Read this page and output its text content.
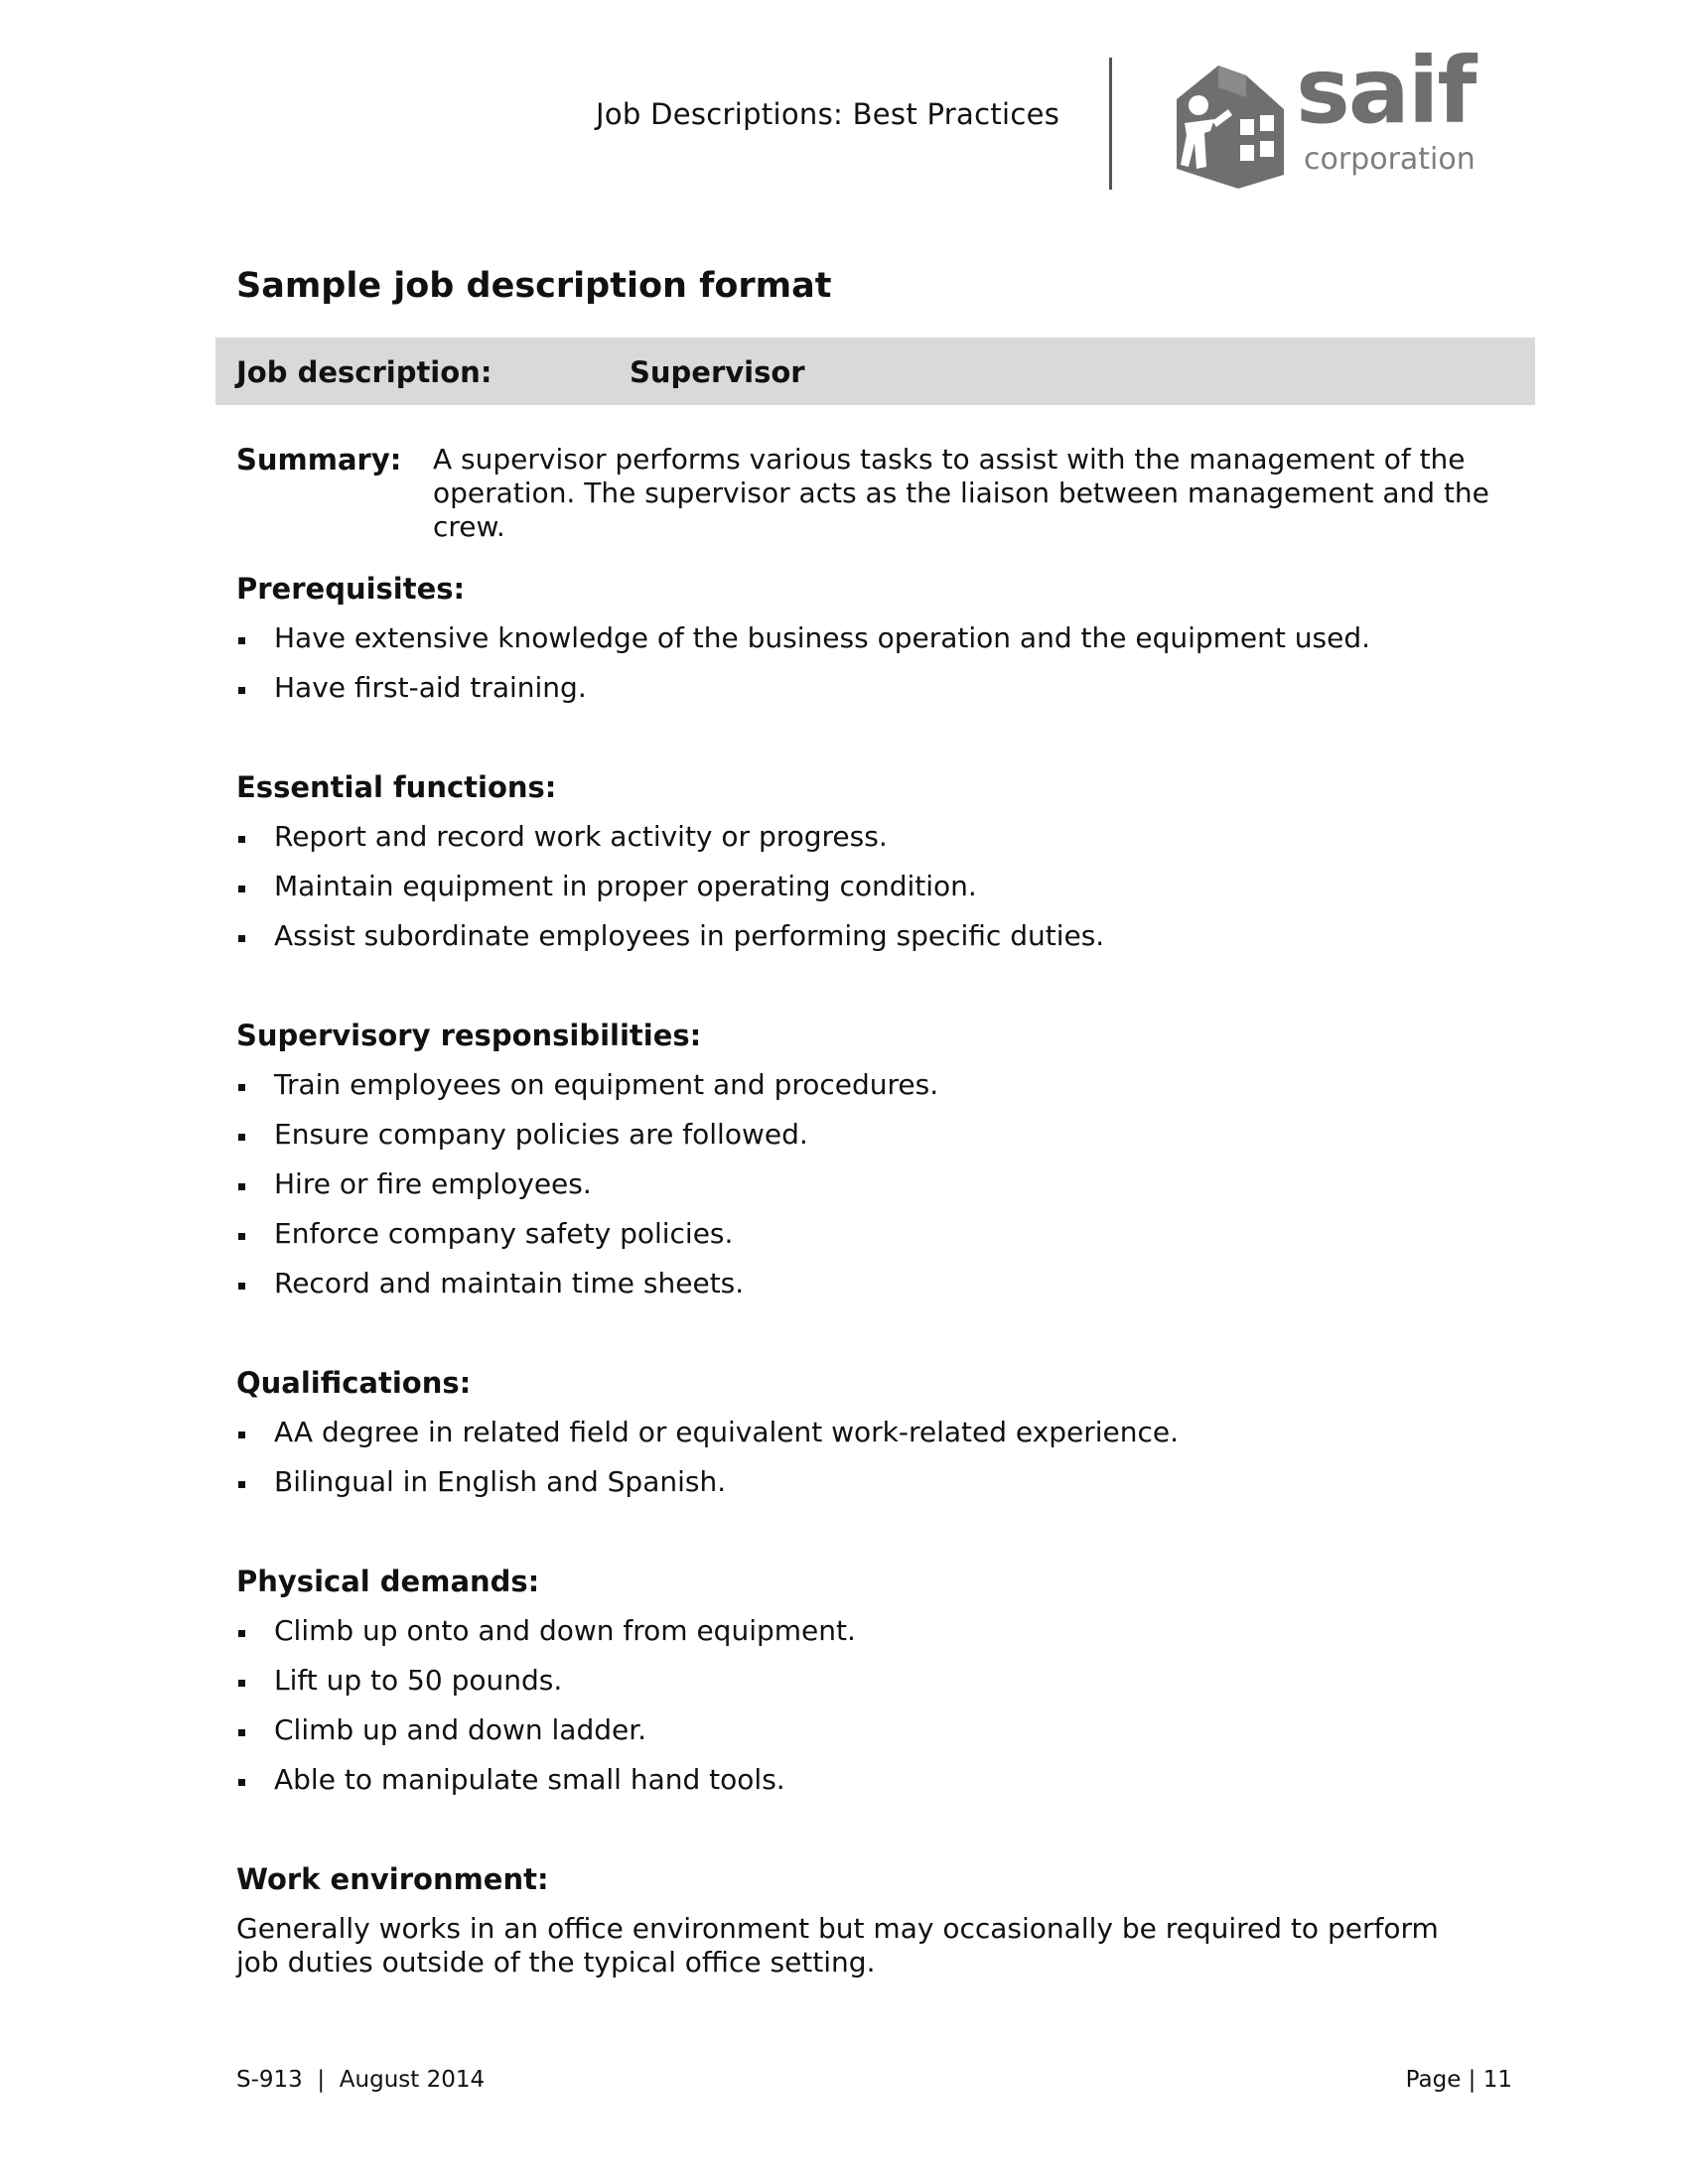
Job Descriptions: Best Practices	saif
corporation
Sample job description format
Job description:	Supervisor
Summary: A supervisor performs various tasks to assist with the management of the operation. The supervisor acts as the liaison between management and the crew.
Prerequisites:
Have extensive knowledge of the business operation and the equipment used.
Have first-aid training.
Essential functions:
Report and record work activity or progress.
Maintain equipment in proper operating condition.
Assist subordinate employees in performing specific duties.
Supervisory responsibilities:
Train employees on equipment and procedures.
Ensure company policies are followed.
Hire or fire employees.
Enforce company safety policies.
Record and maintain time sheets.
Qualifications:
AA degree in related field or equivalent work-related experience.
Bilingual in English and Spanish.
Physical demands:
Climb up onto and down from equipment.
Lift up to 50 pounds.
Climb up and down ladder.
Able to manipulate small hand tools.
Work environment:

Generally works in an office environment but may occasionally be required to perform job duties outside of the typical office setting.

S-913  |  August 2014	Page | 11
